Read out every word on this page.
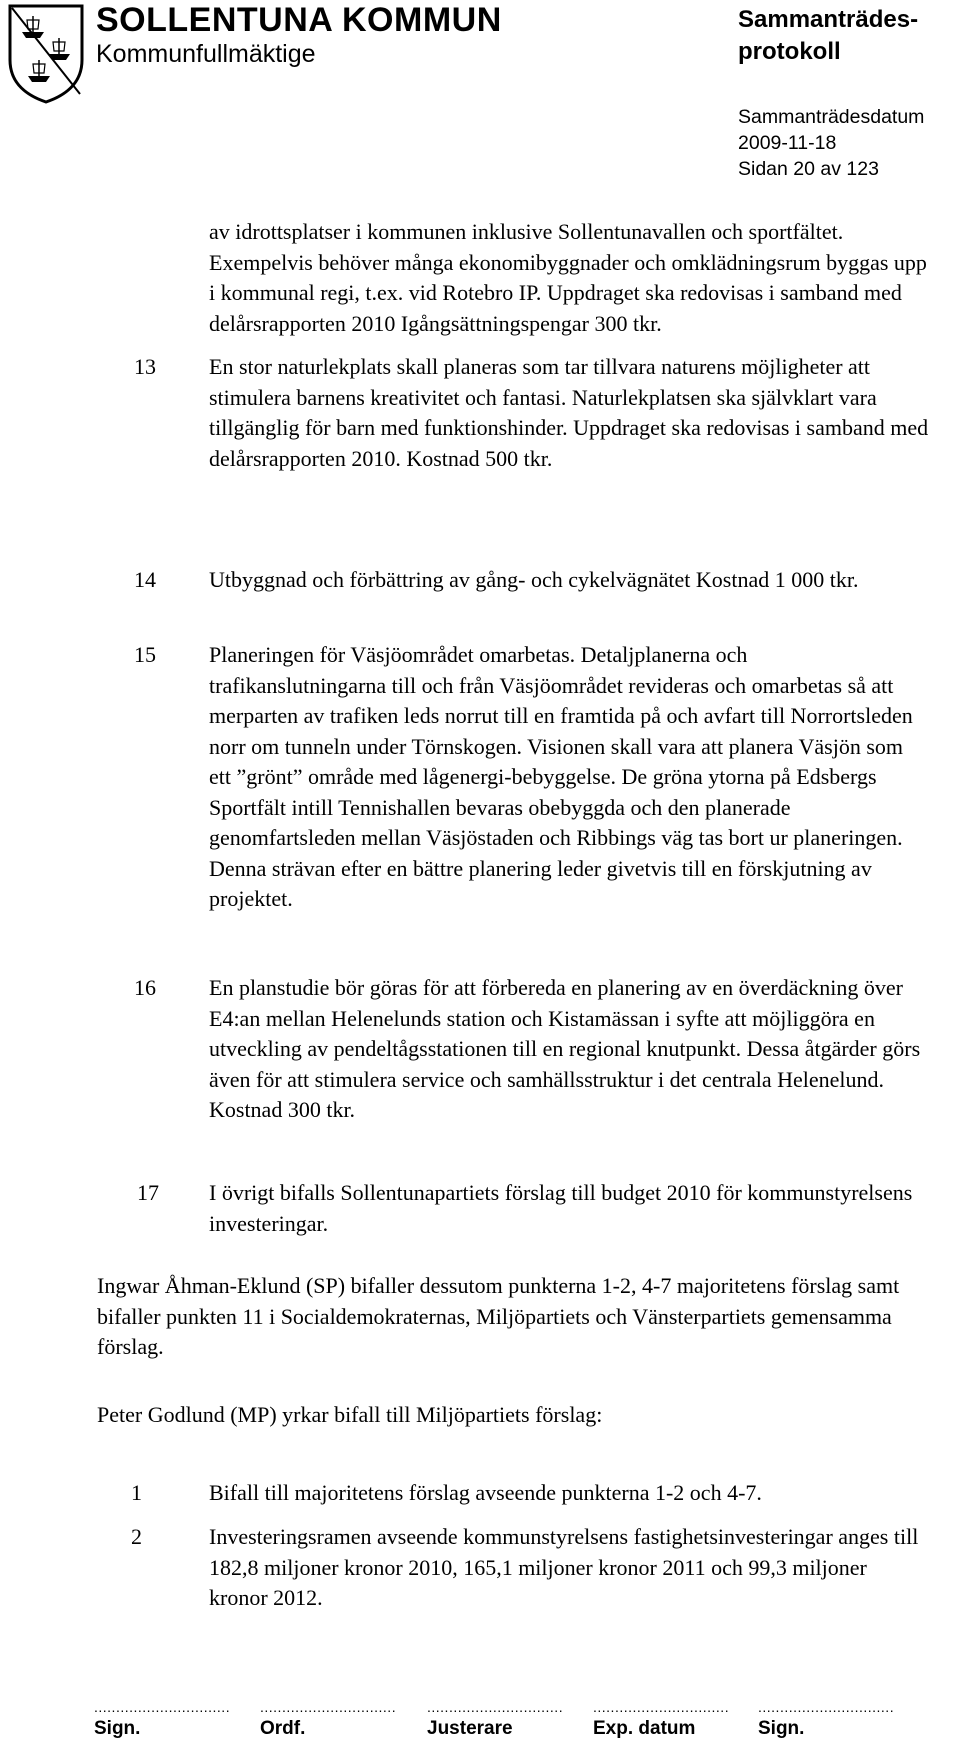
SOLLENTUNA KOMMUN
Kommunfullmäktige
Sammanträdes-
protokoll
Sammanträdesdatum
2009-11-18
Sidan 20 av 123
av idrottsplatser i kommunen inklusive Sollentunavallen och sportfältet. Exempelvis behöver många ekonomibyggnader och omklädningsrum byggas upp i kommunal regi, t.ex. vid Rotebro IP. Uppdraget ska redovisas i samband med delårsrapporten 2010 Igångsättningspengar 300 tkr.
13 En stor naturlekplats skall planeras som tar tillvara naturens möjligheter att stimulera barnens kreativitet och fantasi. Naturlekplatsen ska självklart vara tillgänglig för barn med funktionshinder. Uppdraget ska redovisas i samband med delårsrapporten 2010. Kostnad 500 tkr.
14 Utbyggnad och förbättring av gång- och cykelvägnätet Kostnad 1 000 tkr.
15 Planeringen för Väsjöområdet omarbetas. Detaljplanerna och trafikanslutningarna till och från Väsjöområdet revideras och omarbetas så att merparten av trafiken leds norrut till en framtida på och avfart till Norrortsleden norr om tunneln under Törnskogen. Visionen skall vara att planera Väsjön som ett ”grönt” område med lågenergi-bebyggelse. De gröna ytorna på Edsbergs Sportfält intill Tennishallen bevaras obebyggda och den planerade genomfartsleden mellan Väsjöstaden och Ribbings väg tas bort ur planeringen. Denna strävan efter en bättre planering leder givetvis till en förskjutning av projektet.
16 En planstudie bör göras för att förbereda en planering av en överdäckning över E4:an mellan Helenelunds station och Kistamässan i syfte att möjliggöra en utveckling av pendeltågsstationen till en regional knutpunkt. Dessa åtgärder görs även för att stimulera service och samhällsstruktur i det centrala Helenelund. Kostnad 300 tkr.
17 I övrigt bifalls Sollentunapartiets förslag till budget 2010 för kommunstyrelsens investeringar.
Ingwar Åhman-Eklund (SP) bifaller dessutom punkterna 1-2, 4-7 majoritetens förslag samt bifaller punkten 11 i Socialdemokraternas, Miljöpartiets och Vänsterpartiets gemensamma förslag.
Peter Godlund (MP) yrkar bifall till Miljöpartiets förslag:
1	Bifall till majoritetens förslag avseende punkterna 1-2 och 4-7.
2	Investeringsramen avseende kommunstyrelsens fastighetsinvesteringar anges till 182,8 miljoner kronor 2010, 165,1 miljoner kronor 2011 och 99,3 miljoner kronor 2012.
...............................
Sign.
...............................
Ordf.
...............................
Justerare
...............................
Exp. datum
...............................
Sign.
